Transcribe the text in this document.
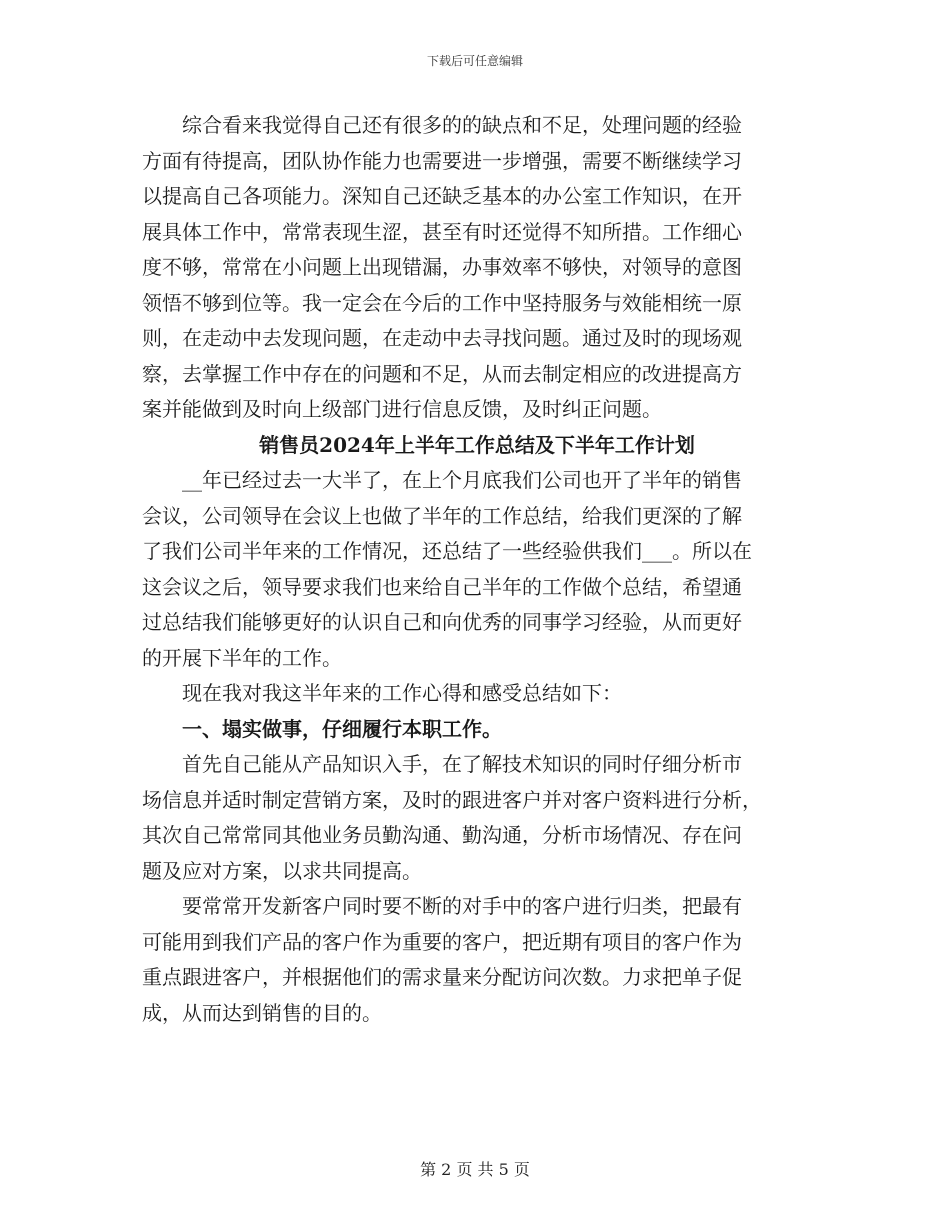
下载后可任意编辑
综合看来我觉得自己还有很多的的缺点和不足，处理问题的经验
方面有待提高，团队协作能力也需要进一步增强，需要不断继续学习
以提高自己各项能力。深知自己还缺乏基本的办公室工作知识，在开
展具体工作中，常常表现生涩，甚至有时还觉得不知所措。工作细心
度不够，常常在小问题上出现错漏，办事效率不够快，对领导的意图
领悟不够到位等。我一定会在今后的工作中坚持服务与效能相统一原
则，在走动中去发现问题，在走动中去寻找问题。通过及时的现场观
察，去掌握工作中存在的问题和不足，从而去制定相应的改进提高方
案并能做到及时向上级部门进行信息反馈，及时纠正问题。
销售员2024年上半年工作总结及下半年工作计划
__年已经过去一大半了，在上个月底我们公司也开了半年的销售
会议，公司领导在会议上也做了半年的工作总结，给我们更深的了解
了我们公司半年来的工作情况，还总结了一些经验供我们___。所以在
这会议之后，领导要求我们也来给自己半年的工作做个总结，希望通
过总结我们能够更好的认识自己和向优秀的同事学习经验，从而更好
的开展下半年的工作。
现在我对我这半年来的工作心得和感受总结如下：
一、塌实做事，仔细履行本职工作。
首先自己能从产品知识入手，在了解技术知识的同时仔细分析市
场信息并适时制定营销方案，及时的跟进客户并对客户资料进行分析，
其次自己常常同其他业务员勤沟通、勤沟通，分析市场情况、存在问
题及应对方案，以求共同提高。
要常常开发新客户同时要不断的对手中的客户进行归类，把最有
可能用到我们产品的客户作为重要的客户，把近期有项目的客户作为
重点跟进客户，并根据他们的需求量来分配访问次数。力求把单子促
成，从而达到销售的目的。
第 2 页 共 5 页
